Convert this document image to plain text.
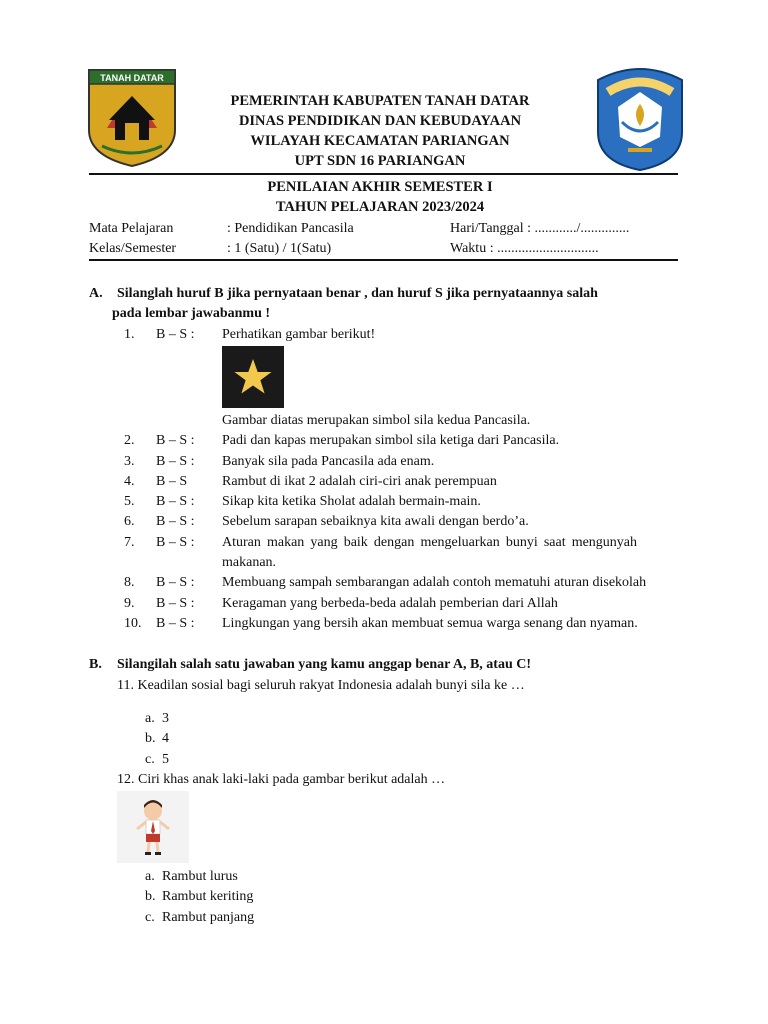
TANAH DATAR
PEMERINTAH KABUPATEN TANAH DATAR
DINAS PENDIDIKAN DAN KEBUDAYAAN
WILAYAH KECAMATAN PARIANGAN
UPT SDN 16 PARIANGAN
PENILAIAN AKHIR SEMESTER I
TAHUN PELAJARAN 2023/2024
Mata Pelajaran	: Pendidikan Pancasila	Hari/Tanggal : ............/..............
Kelas/Semester	: 1 (Satu) / 1(Satu)	Waktu : .............................
A. Silanglah huruf B jika pernyataan benar , dan huruf S jika pernyataannya salah
pada lembar jawabanmu !
1. B – S : Perhatikan gambar berikut!
Gambar diatas merupakan simbol sila kedua Pancasila.
2. B – S : Padi dan kapas merupakan simbol sila ketiga dari Pancasila.
3. B – S : Banyak sila pada Pancasila ada enam.
4. B – S Rambut di ikat 2 adalah ciri-ciri anak perempuan
5. B – S : Sikap kita ketika Sholat adalah bermain-main.
6. B – S : Sebelum sarapan sebaiknya kita awali dengan berdo’a.
7. B – S : Aturan makan yang baik dengan mengeluarkan bunyi saat mengunyah
makanan.
8. B – S : Membuang sampah sembarangan adalah contoh mematuhi aturan disekolah
9. B – S : Keragaman yang berbeda-beda adalah pemberian dari Allah
10. B – S : Lingkungan yang bersih akan membuat semua warga senang dan nyaman.
B. Silangilah salah satu jawaban yang kamu anggap benar A, B, atau C!
11. Keadilan sosial bagi seluruh rakyat Indonesia adalah bunyi sila ke …
a. 3
b. 4
c. 5
12. Ciri khas anak laki-laki pada gambar berikut adalah …
a. Rambut lurus
b. Rambut keriting
c. Rambut panjang
